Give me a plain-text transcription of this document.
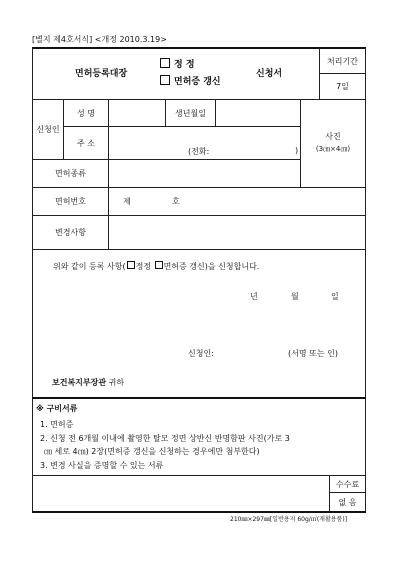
[별지 제4호서식] <개정 2010.3.19>
면허등록대장
정 정
면허증 갱신
신청서
처리기간
7일
신청인
성 명	생년월일
주 소
(전화:	)
사진
(3㎝×4㎝)
면허종류
면허번호	제	호
변경사항
위와 같이 등록 사항( 정정 면허증 갱신)을 신청합니다.
년	월	일
신청인:	(서명 또는 인)
보건복지부장관 귀하
※ 구비서류
1. 면허증
2. 신청 전 6개월 이내에 촬영한 탈모 정면 상반신 반명함판 사진(가로 3
㎝ 세로 4㎝) 2장(면허증 갱신을 신청하는 경우에만 첨부한다)
3. 변경 사실을 증명할 수 있는 서류
수수료
없 음
210㎜×297㎜[일반용지 60g/㎡(재활용품)]
